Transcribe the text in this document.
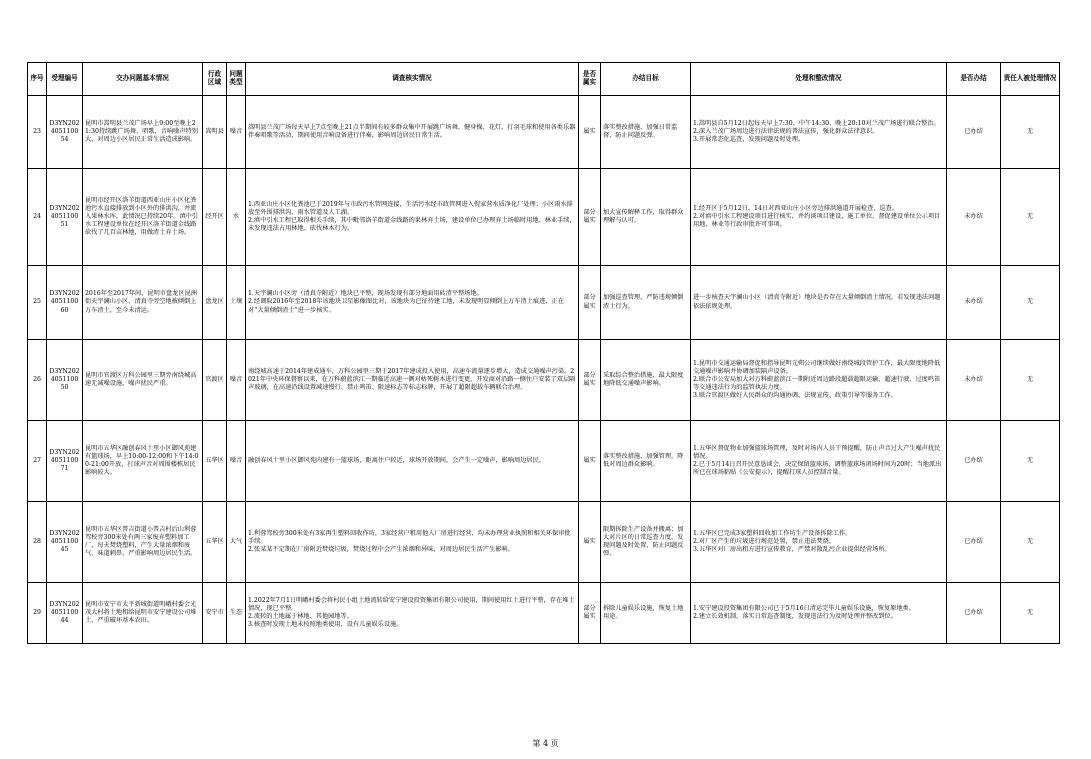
序号	受理编号	交办问题基本情况	行政区域	问题类型	调查核实情况	是否属实	办结目标	处理和整改情况	是否办结	责任人被处理情况
23	D3YN202405110054	昆明市嵩明县兰茂广场早上9:00至晚上21:30持续跳广场舞、唱歌，音响噪声特别大，对周边小区居民正常生活造成影响。	嵩明县	噪音	嵩明县兰茂广场每天早上7点至晚上21点半期间有较多群众集中开展跳广场舞、健身操、花灯，打羽毛球和使用各类乐器伴奏唱歌等活动，期间使用音响设备进行伴奏，影响周边居民日常生活。	属实	落实整改措施，加强日常监督，防止问题反弹。	1.嵩明县自5月12日起每天早上7:30、中午14:30、晚上20:10对兰茂广场进行联合整治。
2.深入兰茂广场周边进行法律法规的普法宣传，强化群众法律意识。
3.开展常态化巡查，发现问题及时处理。	已办结	无
24	D3YN202405110051	昆明市经开区洛羊街道西亚山庄小区化粪池污水直接排放到小区外的排洪沟，并流入果林水库，此情况已持续20年。滇中引水工程建设单位在经开区洛羊街道金线路砍伐了几百亩林地，用做渣土弃土场。	经开区	水	1.西亚山庄小区化粪池已于2019年与市政污水管网连接，生活污水经市政管网进入倪家营水质净化厂处理；小区雨水排放至外围排洪沟、雨水管道及人工湖。
2.滇中引水工程已取得相关手续，其中毗邻洛羊街道金线路的果林弃土场，建设单位已办理弃土场临时用地、林业手续，未发现违法占用林地、砍伐林木行为。	部分属实	加大宣传解释工作，取得群众理解与认可。	1.经开区于5月12日、14日对西亚山庄小区旁边排洪通道开展检查、巡查。
2.对滇中引水工程建设项目进行核实，并约谈项目建设、施工单位，督促建设单位公示项目用地、林业等行政审批许可事项。	未办结	无
25	D3YN202405110060	2016年至2017年间，昆明市盘龙区昆洲街天宇澜山小区、清真寺旁空地被倾倒上万车渣土，至今未清运。	盘龙区	土壤	1.天宇澜山小区旁（清真寺附近）地块已平整，现场发现有部分地面用砖渣平整场地。
2.经调取2016年至2018年该地块卫星影像图比对，该地块为已征待建工地，未发现明显倾倒上万车渣土痕迹，正在对“大量倾倒渣土”进一步核实。	部分属实	加强巡查管理，严防违规倾倒渣土行为。	进一步核查天宇澜山小区（清真寺附近）地块是否存在大量倾倒渣土情况，若发现违法问题依法依规处理。	未办结	无
26	D3YN202405110050	昆明市官渡区万科公园里三期旁南绕城高速无减噪设施，噪声扰民严重。	官渡区	噪音	南绕城高速于2014年建成通车，万科公园里三期于2017年建成投入使用，高速车流量逐步增大，造成交通噪声污染。2021年中央环保督察以来，在万科蔚蓝滨江一期临近高速一侧对枯死树木进行变更，开发商对沿路一侧住户安装了双层隔声玻璃，在高速沿线设置减速慢行、禁止鸣笛、限速标志等标志标牌，开展了超限超载车辆联合治理。	部分属实	采取综合整治措施，最大限度地降低交通噪声影响。	1.昆明市交通运输局督促和指导昆明元朔公司继续做好南绕城段管护工作，最大限度地降低交通噪声影响并协调加装隔声设备。
2.联合市公安局加大对万科蔚蓝滨江一期附近周边路段超载超限运输、超速行驶、过度鸣笛等交通违法行为的监管执法力度。
3.联合官渡区做好人民群众的沟通协调、法规宣传、政策引导等服务工作。	未办结	无
27	D3YN202405110071	昆明市五华区融创春风十里小区御风苑建有篮球场，早上10:00-12:00和下午14:00-21:00开放，打球声音对周围楼栋居民影响较大。	五华区	噪音	融创春风十里小区御风苑内建有一篮球场，距离住户较近，球场开放期间，会产生一定噪声，影响周边居民。	属实	落实整改措施，加强管理，降低对周边群众影响。	1.五华区督促物业加强篮球场管理，及时对场内人员干预提醒，防止声音过大产生噪声扰民情况。
2.已于5月14日召开民意恳谈会，决定保留篮球场，调整篮球场闭场时间为20时；当地派出所已在球场粘贴《公安提示》，提醒打球人员控制音量。	已办结	无
28	D3YN202405110045	昆明市五华区普吉街道小普吉村后山利蓉驾校旁300米处有两三家废弃塑料加工厂，每天焚烧塑料，产生大量浓烟和废气，味道刺鼻，严重影响周边居民生活。	五华区	大气	1.利蓉驾校旁300米处有3家再生塑料回收作坊，3家经营户租用他人厂房进行经营，均未办理营业执照和相关环保审批手续。
2.张某某不定期在厂房附近焚烧垃圾，焚烧过程中会产生浓烟和异味，对周边居民生活产生影响。	属实	限期拆除生产设备并搬离；加大对片区的日常巡查力度，发现问题及时处置，防止问题反弹。	1.五华区已完成3家塑料回收加工作坊生产设备拆除工作。
2.对厂区产生的垃圾进行规范处置，禁止违法焚烧。
3.五华区对厂房出租方进行宣传教育，严禁对散乱污企业提供经营场所。	已办结	无
29	D3YN202405110044	昆明市安宁市太平新城街道明峨村委会光茂大村将土地租给昆明市安宁建设公司堆土，严重破坏基本农田。	安宁市	生态	1.2022年7月1日明峨村委会将村民小组土地流转给安宁建设投资集团有限公司使用，期间使用红土进行平整，存在堆土情况，现已平整。
2.流转的土地属于林地、其他园地等。
3.核查时发现土地未按照地类使用，设有儿童娱乐设施。	部分属实	拆除儿童娱乐设施，恢复土地用途。	1.安宁建设投资集团有限公司已于5月16日清运完毕儿童娱乐设施，恢复原地类。
2.建立长效机制，落实日常巡查制度，发现违法行为及时处理并整改到位。	已办结	无
第 4 页
